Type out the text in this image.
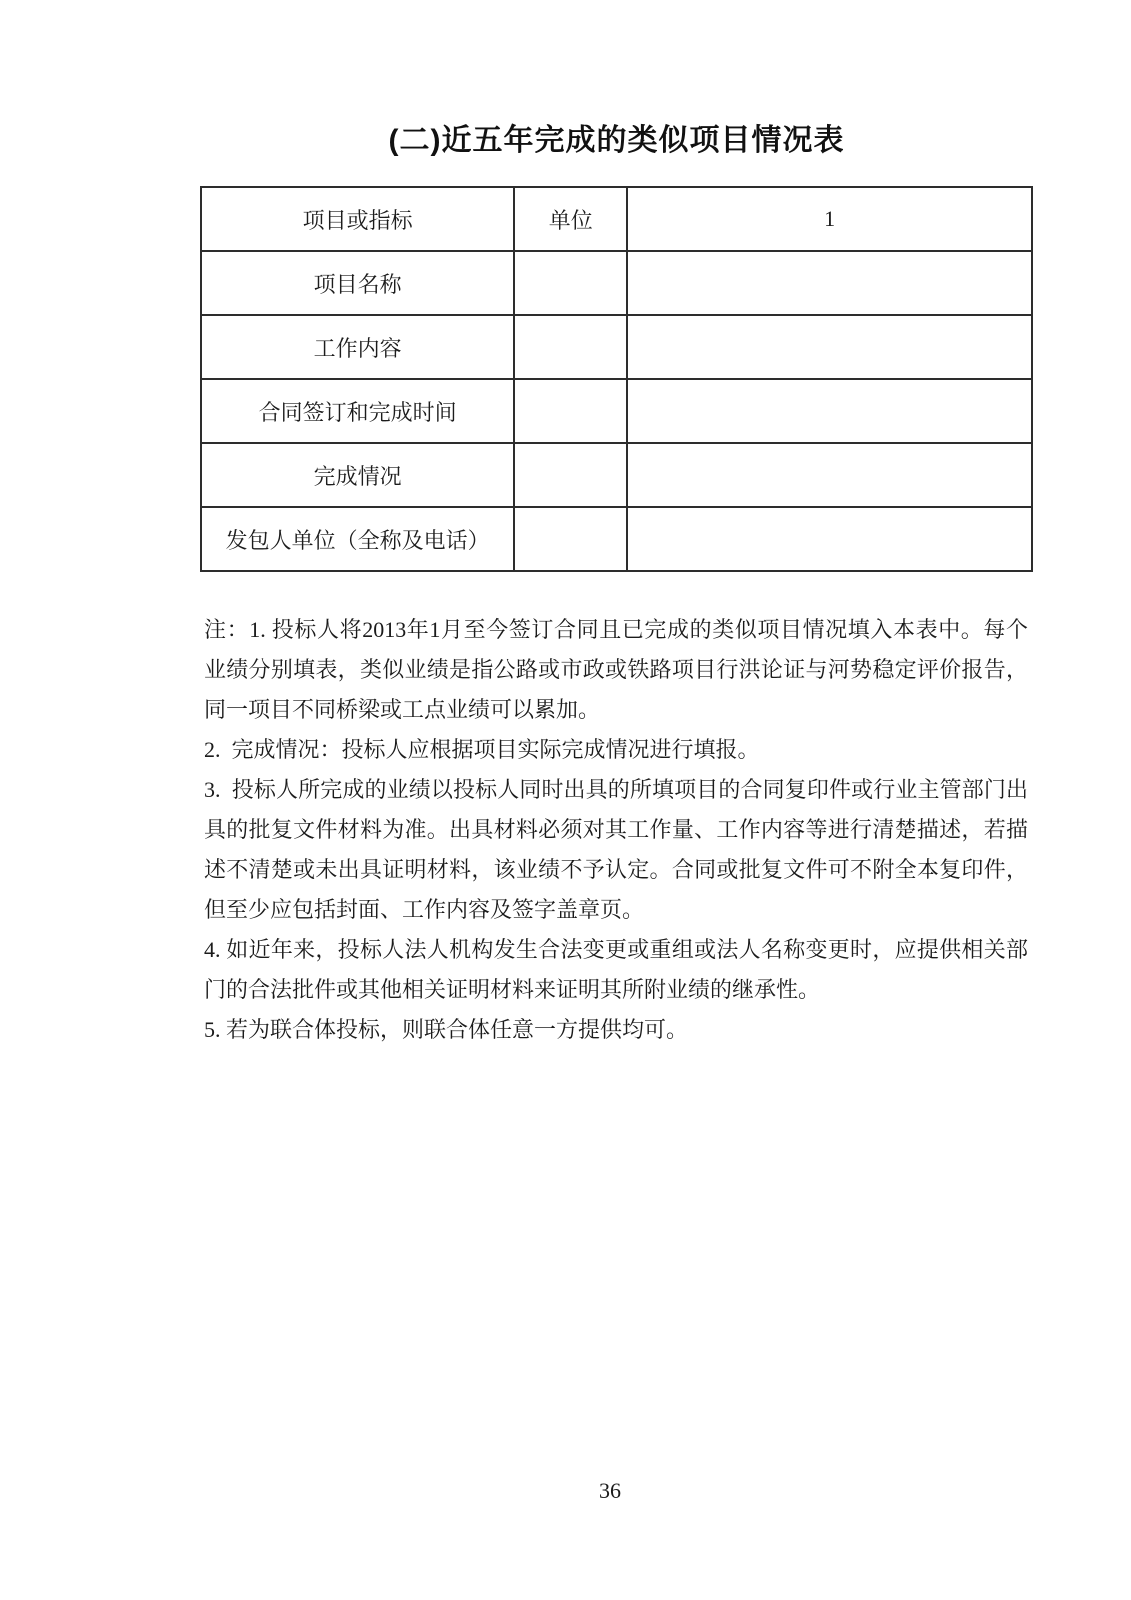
(二)近五年完成的类似项目情况表
项目或指标	单位	1
项目名称		
工作内容		
合同签订和完成时间		
完成情况		
发包人单位（全称及电话）		

注：1. 投标人将2013年1月至今签订合同且已完成的类似项目情况填入本表中。每个业绩分别填表，类似业绩是指公路或市政或铁路项目行洪论证与河势稳定评价报告，同一项目不同桥梁或工点业绩可以累加。

2.  完成情况：投标人应根据项目实际完成情况进行填报。

3.  投标人所完成的业绩以投标人同时出具的所填项目的合同复印件或行业主管部门出具的批复文件材料为准。出具材料必须对其工作量、工作内容等进行清楚描述，若描述不清楚或未出具证明材料，该业绩不予认定。合同或批复文件可不附全本复印件，但至少应包括封面、工作内容及签字盖章页。

4. 如近年来，投标人法人机构发生合法变更或重组或法人名称变更时，应提供相关部门的合法批件或其他相关证明材料来证明其所附业绩的继承性。

5. 若为联合体投标，则联合体任意一方提供均可。

36
